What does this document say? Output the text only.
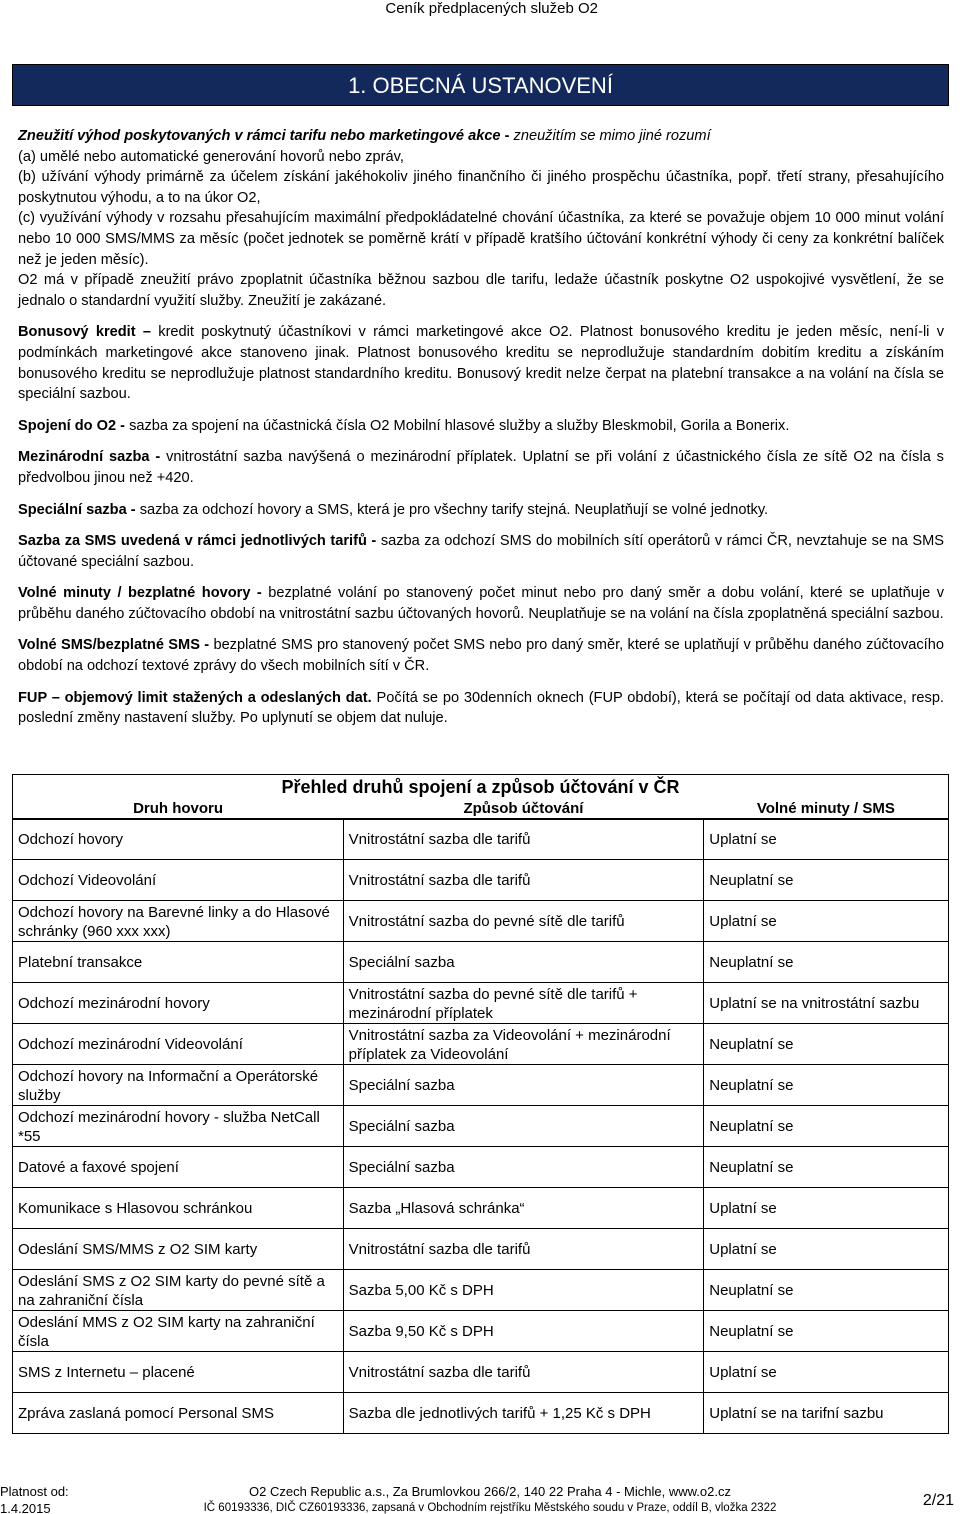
Ceník předplacených služeb O2
1. OBECNÁ USTANOVENÍ
Zneužití výhod poskytovaných v rámci tarifu nebo marketingové akce - zneužitím se mimo jiné rozumí
(a) umělé nebo automatické generování hovorů nebo zpráv,
(b) užívání výhody primárně za účelem získání jakéhokoliv jiného finančního či jiného prospěchu účastníka, popř. třetí strany, přesahujícího poskytnutou výhodu, a to na úkor O2,
(c) využívání výhody v rozsahu přesahujícím maximální předpokládatelné chování účastníka, za které se považuje objem 10 000 minut volání nebo 10 000 SMS/MMS za měsíc (počet jednotek se poměrně krátí v případě kratšího účtování konkrétní výhody či ceny za konkrétní balíček než je jeden měsíc).
O2 má v případě zneužití právo zpoplatnit účastníka běžnou sazbou dle tarifu, ledaže účastník poskytne O2 uspokojivé vysvětlení, že se jednalo o standardní využití služby. Zneužití je zakázané.
Bonusový kredit – kredit poskytnutý účastníkovi v rámci marketingové akce O2. Platnost bonusového kreditu je jeden měsíc, není-li v podmínkách marketingové akce stanoveno jinak. Platnost bonusového kreditu se neprodlužuje standardním dobitím kreditu a získáním bonusového kreditu se neprodlužuje platnost standardního kreditu. Bonusový kredit nelze čerpat na platební transakce a na volání na čísla se speciální sazbou.
Spojení do O2 - sazba za spojení na účastnická čísla O2 Mobilní hlasové služby a služby Bleskmobil, Gorila a Bonerix.
Mezinárodní sazba - vnitrostátní sazba navýšená o mezinárodní příplatek. Uplatní se při volání z účastnického čísla ze sítě O2 na čísla s předvolbou jinou než +420.
Speciální sazba - sazba za odchozí hovory a SMS, která je pro všechny tarify stejná. Neuplatňují se volné jednotky.
Sazba za SMS uvedená v rámci jednotlivých tarifů - sazba za odchozí SMS do mobilních sítí operátorů v rámci ČR, nevztahuje se na SMS účtované speciální sazbou.
Volné minuty / bezplatné hovory - bezplatné volání po stanovený počet minut nebo pro daný směr a dobu volání, které se uplatňuje v průběhu daného zúčtovacího období na vnitrostátní sazbu účtovaných hovorů. Neuplatňuje se na volání na čísla zpoplatněná speciální sazbou.
Volné SMS/bezplatné SMS - bezplatné SMS pro stanovený počet SMS nebo pro daný směr, které se uplatňují v průběhu daného zúčtovacího období na odchozí textové zprávy do všech mobilních sítí v ČR.
FUP – objemový limit stažených a odeslaných dat. Počítá se po 30denních oknech (FUP období), která se počítají od data aktivace, resp. poslední změny nastavení služby. Po uplynutí se objem dat nuluje.
Přehled druhů spojení a způsob účtování v ČR		
Druh hovoru	Způsob účtování	Volné minuty / SMS
Odchozí hovory	Vnitrostátní sazba dle tarifů	Uplatní se
Odchozí Videovolání	Vnitrostátní sazba dle tarifů	Neuplatní se
Odchozí hovory na Barevné linky a do Hlasové schránky (960 xxx xxx)	Vnitrostátní sazba do pevné sítě dle tarifů	Uplatní se
Platební transakce	Speciální sazba	Neuplatní se
Odchozí mezinárodní hovory	Vnitrostátní sazba do pevné sítě dle tarifů + mezinárodní příplatek	Uplatní se na vnitrostátní sazbu
Odchozí mezinárodní Videovolání	Vnitrostátní sazba za Videovolání + mezinárodní příplatek za Videovolání	Neuplatní se
Odchozí hovory na Informační a Operátorské služby	Speciální sazba	Neuplatní se
Odchozí mezinárodní hovory - služba NetCall *55	Speciální sazba	Neuplatní se
Datové a faxové spojení	Speciální sazba	Neuplatní se
Komunikace s Hlasovou schránkou	Sazba „Hlasová schránka“	Uplatní se
Odeslání SMS/MMS z O2 SIM karty	Vnitrostátní sazba dle tarifů	Uplatní se
Odeslání SMS z O2 SIM karty do pevné sítě a na zahraniční čísla	Sazba 5,00 Kč s DPH	Neuplatní se
Odeslání MMS z O2 SIM karty na zahraniční čísla	Sazba 9,50 Kč s DPH	Neuplatní se
SMS z Internetu – placené	Vnitrostátní sazba dle tarifů	Uplatní se
Zpráva zaslaná pomocí Personal SMS	Sazba dle jednotlivých tarifů + 1,25 Kč s DPH	Uplatní se na tarifní sazbu
Platnost od:
1.4.2015
O2 Czech Republic a.s., Za Brumlovkou 266/2, 140 22 Praha 4 - Michle, www.o2.cz
IČ 60193336, DIČ CZ60193336, zapsaná v Obchodním rejstříku Městského soudu v Praze, oddíl B, vložka 2322	2/21
